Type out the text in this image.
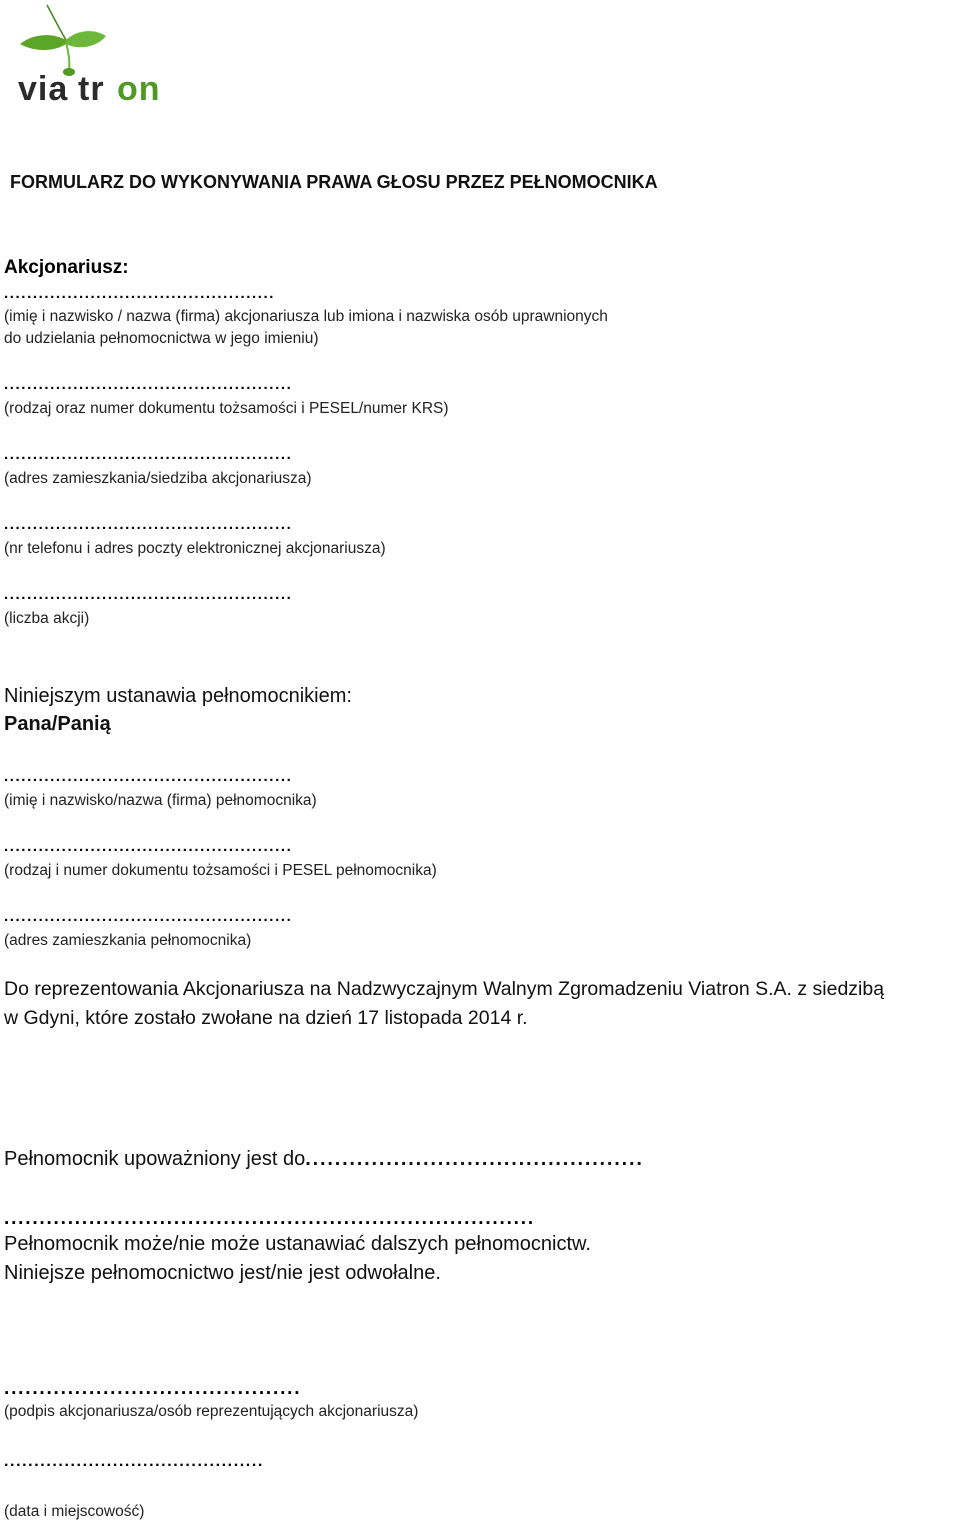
via tr on
FORMULARZ DO WYKONYWANIA PRAWA GŁOSU PRZEZ PEŁNOMOCNIKA
Akcjonariusz:
...............................................
(imię i nazwisko / nazwa (firma) akcjonariusza lub imiona i nazwiska osób uprawnionych
do udzielania pełnomocnictwa w jego imieniu)
..................................................
(rodzaj oraz numer dokumentu tożsamości i PESEL/numer KRS)
..................................................
(adres zamieszkania/siedziba akcjonariusza)
..................................................
(nr telefonu i adres poczty elektronicznej akcjonariusza)
..................................................
(liczba akcji)
Niniejszym ustanawia pełnomocnikiem:
Pana/Panią
..................................................
(imię i nazwisko/nazwa (firma) pełnomocnika)
..................................................
(rodzaj i numer dokumentu tożsamości i PESEL pełnomocnika)
..................................................
(adres zamieszkania pełnomocnika)
Do reprezentowania Akcjonariusza na Nadzwyczajnym Walnym Zgromadzeniu Viatron S.A. z siedzibą
w Gdyni, które zostało zwołane na dzień 17 listopada 2014 r.
Pełnomocnik upoważniony jest do..............................................
...........................................................................
Pełnomocnik może/nie może ustanawiać dalszych pełnomocnictw.
Niniejsze pełnomocnictwo jest/nie jest odwołalne.
..........................................
(podpis akcjonariusza/osób reprezentujących akcjonariusza)
...........................................
(data i miejscowość)
